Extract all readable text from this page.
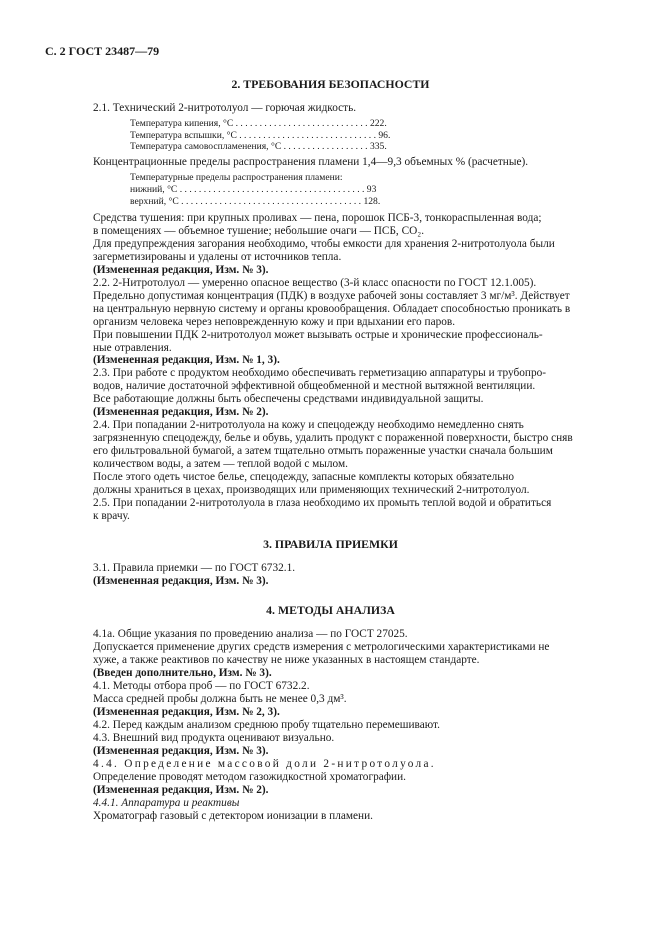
С. 2 ГОСТ 23487—79
2. ТРЕБОВАНИЯ БЕЗОПАСНОСТИ
2.1. Технический 2-нитротолуол — горючая жидкость.
Температура кипения, °С . . . . . . . . . . . . . . . . . . . . . . . . . . . . 222.
Температура вспышки, °С . . . . . . . . . . . . . . . . . . . . . . . . . . . . . 96.
Температура самовоспламенения, °С . . . . . . . . . . . . . . . . . . 335.
Концентрационные пределы распространения пламени 1,4—9,3 объемных % (расчетные).
Температурные пределы распространения пламени:
нижний, °С . . . . . . . . . . . . . . . . . . . . . . . . . . . . . . . . . . . . . . . 93
верхний, °С . . . . . . . . . . . . . . . . . . . . . . . . . . . . . . . . . . . . . . 128.
Средства тушения: при крупных проливах — пена, порошок ПСБ-3, тонкораспыленная вода;
в помещениях — объемное тушение; небольшие очаги — ПСБ, СО₂.
Для предупреждения загорания необходимо, чтобы емкости для хранения 2-нитротолуола были
загерметизированы и удалены от источников тепла.
(Измененная редакция, Изм. № 3).
2.2. 2-Нитротолуол — умеренно опасное вещество (3-й класс опасности по ГОСТ 12.1.005).
Предельно допустимая концентрация (ПДК) в воздухе рабочей зоны составляет 3 мг/м³. Действует
на центральную нервную систему и органы кровообращения. Обладает способностью проникать в
организм человека через неповрежденную кожу и при вдыхании его паров.
При повышении ПДК 2-нитротолуол может вызывать острые и хронические профессиональ-
ные отравления.
(Измененная редакция, Изм. № 1, 3).
2.3. При работе с продуктом необходимо обеспечивать герметизацию аппаратуры и трубопро-
водов, наличие достаточной эффективной общеобменной и местной вытяжной вентиляции.
Все работающие должны быть обеспечены средствами индивидуальной защиты.
(Измененная редакция, Изм. № 2).
2.4. При попадании 2-нитротолуола на кожу и спецодежду необходимо немедленно снять
загрязненную спецодежду, белье и обувь, удалить продукт с пораженной поверхности, быстро сняв
его фильтровальной бумагой, а затем тщательно отмыть пораженные участки сначала большим
количеством воды, а затем — теплой водой с мылом.
После этого одеть чистое белье, спецодежду, запасные комплекты которых обязательно
должны храниться в цехах, производящих или применяющих технический 2-нитротолуол.
2.5. При попадании 2-нитротолуола в глаза необходимо их промыть теплой водой и обратиться
к врачу.
3. ПРАВИЛА ПРИЕМКИ
3.1. Правила приемки — по ГОСТ 6732.1.
(Измененная редакция, Изм. № 3).
4. МЕТОДЫ АНАЛИЗА
4.1а. Общие указания по проведению анализа — по ГОСТ 27025.
Допускается применение других средств измерения с метрологическими характеристиками не
хуже, а также реактивов по качеству не ниже указанных в настоящем стандарте.
(Введен дополнительно, Изм. № 3).
4.1. Методы отбора проб — по ГОСТ 6732.2.
Масса средней пробы должна быть не менее 0,3 дм³.
(Измененная редакция, Изм. № 2, 3).
4.2. Перед каждым анализом среднюю пробу тщательно перемешивают.
4.3. Внешний вид продукта оценивают визуально.
(Измененная редакция, Изм. № 3).
4.4. Определение массовой доли 2-нитротолуола.
Определение проводят методом газожидкостной хроматографии.
(Измененная редакция, Изм. № 2).
4.4.1. Аппаратура и реактивы
Хроматограф газовый с детектором ионизации в пламени.
